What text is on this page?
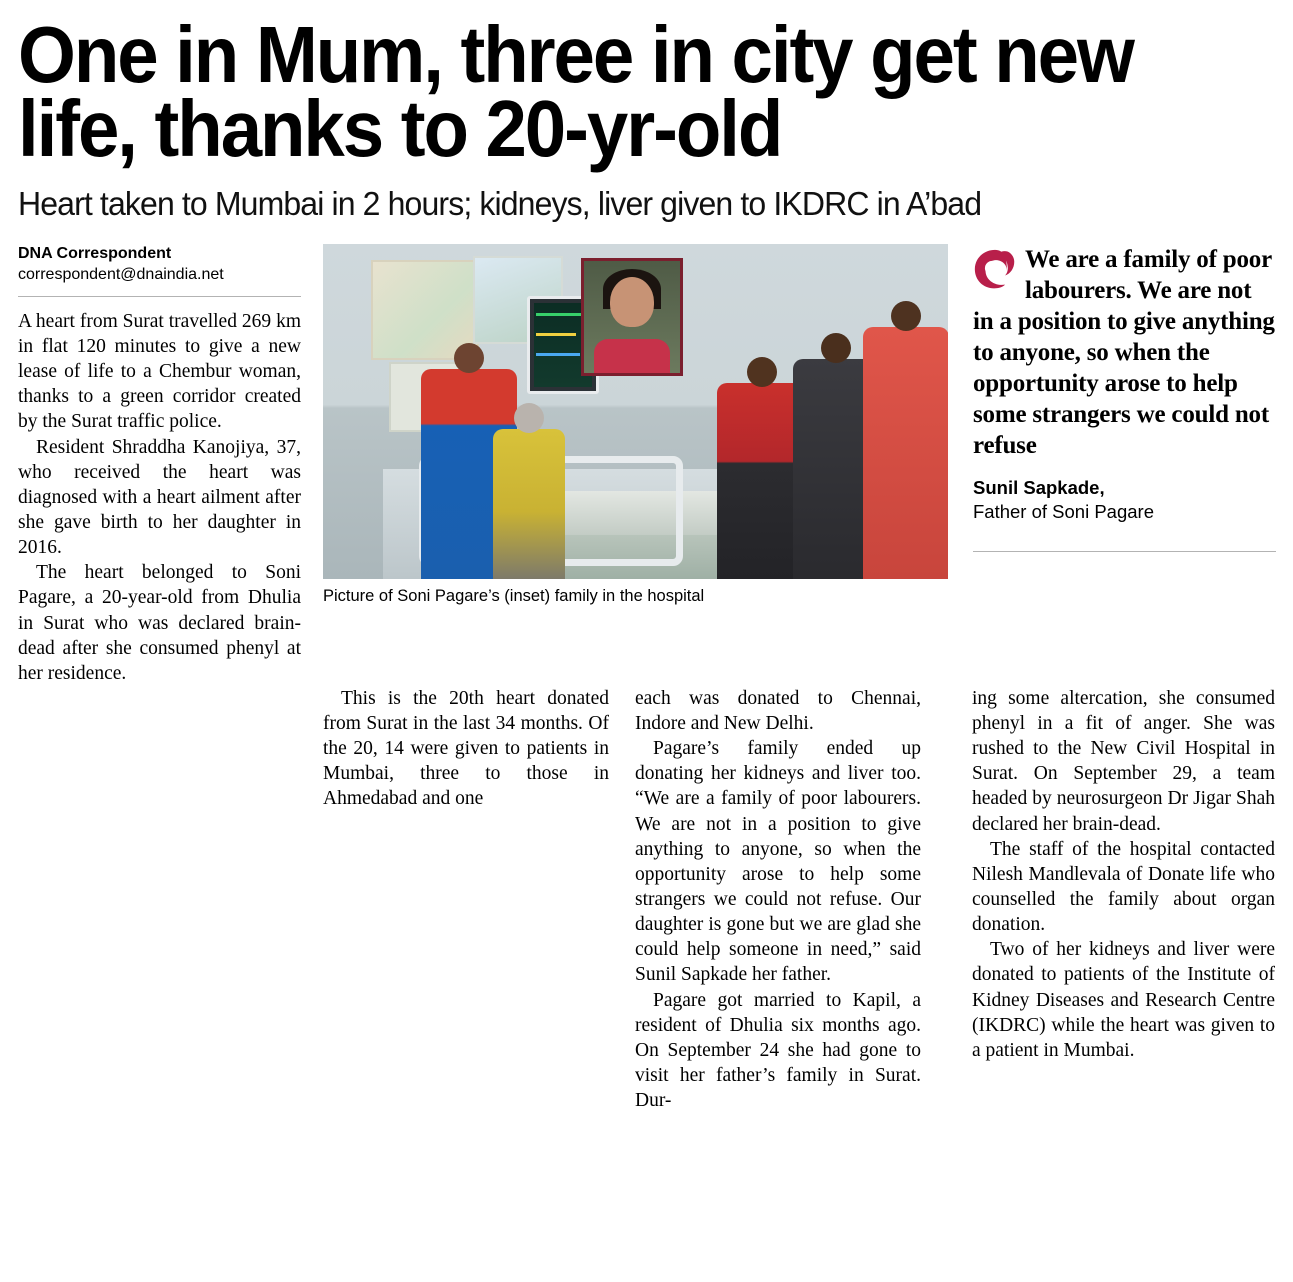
One in Mum, three in city get new life, thanks to 20-yr-old
Heart taken to Mumbai in 2 hours; kidneys, liver given to IKDRC in A’bad
DNA Correspondent
correspondent@dnaindia.net

A heart from Surat travelled 269 km in flat 120 minutes to give a new lease of life to a Chembur woman, thanks to a green corridor created by the Surat traffic police.

Resident Shraddha Kanojiya, 37, who received the heart was diagnosed with a heart ailment after she gave birth to her daughter in 2016.

The heart belonged to Soni Pagare, a 20-year-old from Dhulia in Surat who was declared brain-dead after she consumed phenyl at her residence.

Picture of Soni Pagare’s (inset) family in the hospital
We are a family of poor labourers. We are not in a position to give anything to anyone, so when the opportunity arose to help some strangers we could not refuse
Sunil Sapkade,
Father of Soni Pagare

This is the 20th heart donated from Surat in the last 34 months. Of the 20, 14 were given to patients in Mumbai, three to those in Ahmedabad and one

each was donated to Chennai, Indore and New Delhi.

Pagare’s family ended up donating her kidneys and liver too. “We are a family of poor labourers. We are not in a position to give anything to anyone, so when the opportunity arose to help some strangers we could not refuse. Our daughter is gone but we are glad she could help someone in need,” said Sunil Sapkade her father.

Pagare got married to Kapil, a resident of Dhulia six months ago. On September 24 she had gone to visit her father’s family in Surat. Dur-

ing some altercation, she consumed phenyl in a fit of anger. She was rushed to the New Civil Hospital in Surat. On September 29, a team headed by neurosurgeon Dr Jigar Shah declared her brain-dead.

The staff of the hospital contacted Nilesh Mandlevala of Donate life who counselled the family about organ donation.

Two of her kidneys and liver were donated to patients of the Institute of Kidney Diseases and Research Centre (IKDRC) while the heart was given to a patient in Mumbai.
